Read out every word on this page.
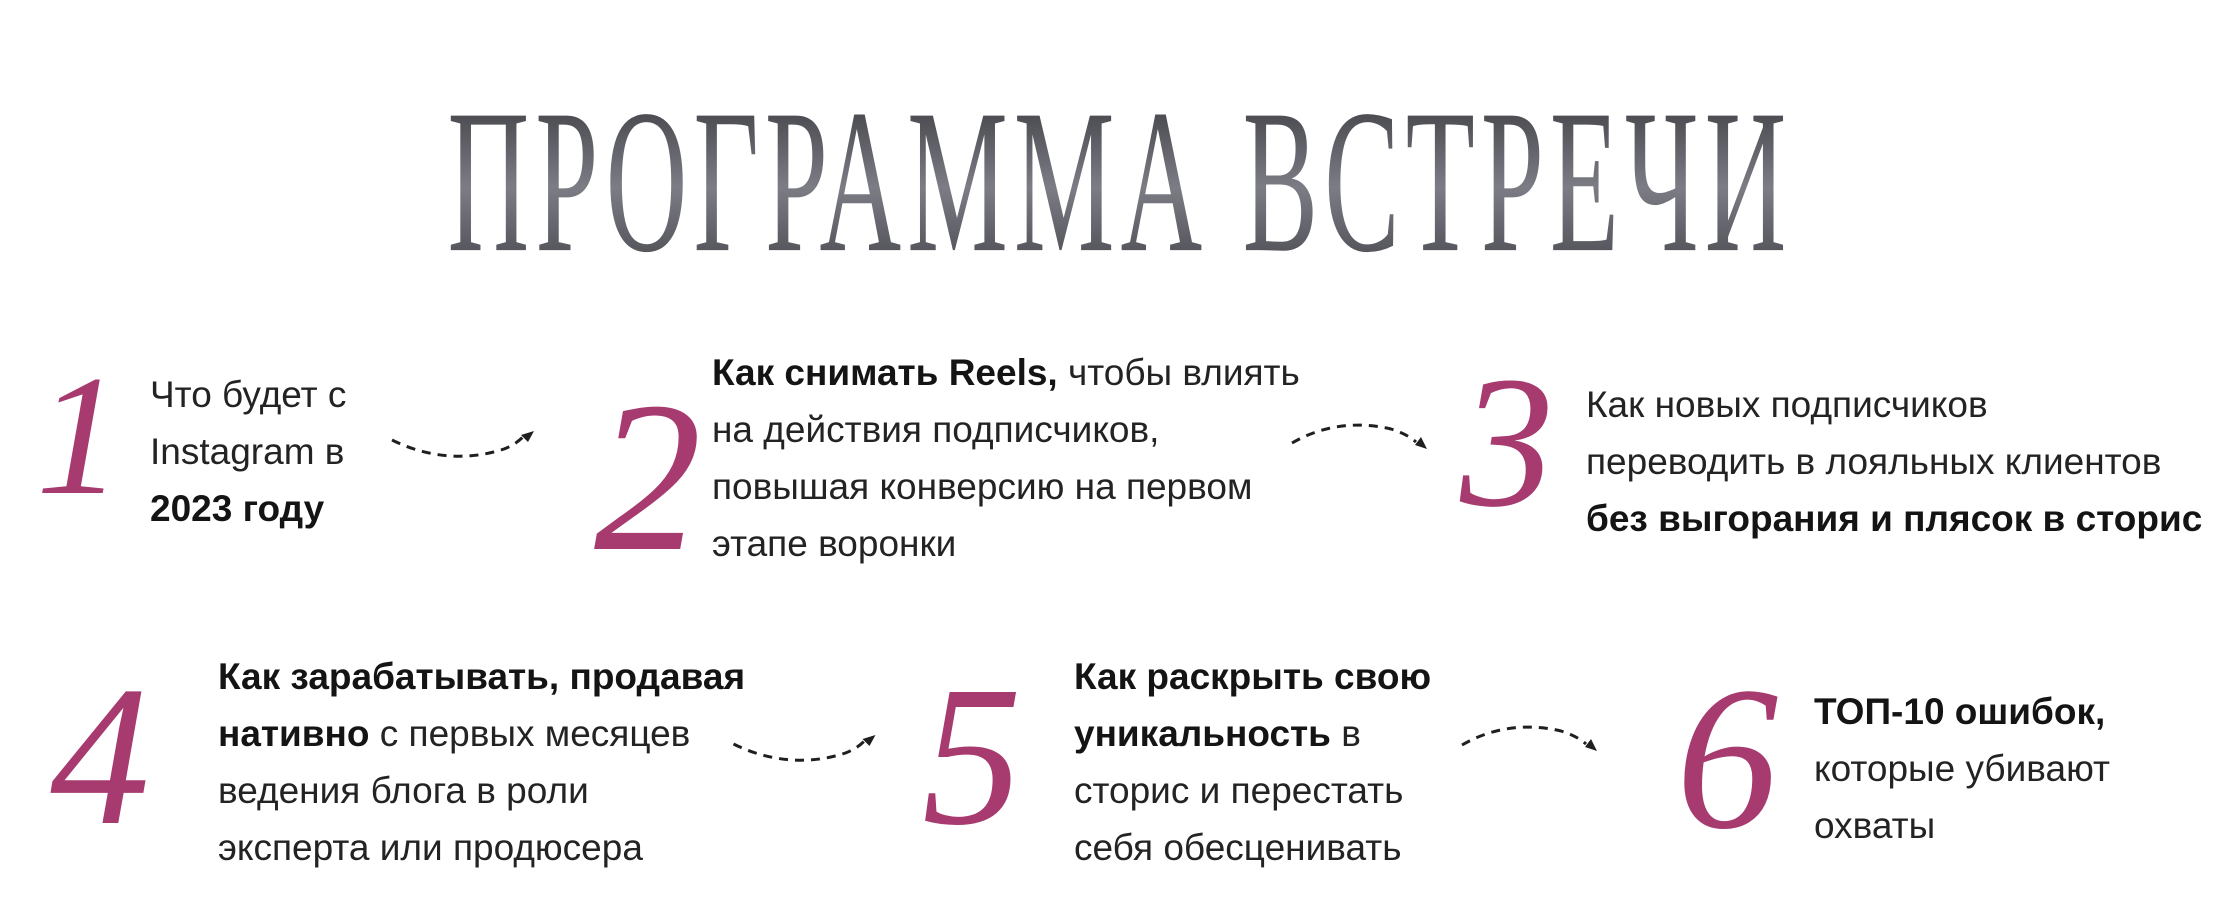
ПРОГРАММА ВСТРЕЧИ
1 Что будет с
Instagram в
2023 году 2 Как снимать Reels, чтобы влиять
на действия подписчиков,
повышая конверсию на первом
этапе воронки	3 Как новых подписчиков
переводить в лояльных клиентов
без выгорания и плясок в сторис
4 Как зарабатывать, продавая
нативно с первых месяцев
ведения блога в роли
эксперта или продюсера	5 Как раскрыть свою
уникальность в
сторис и перестать
себя обесценивать 6 ТОП-10 ошибок,
которые убивают
охваты
